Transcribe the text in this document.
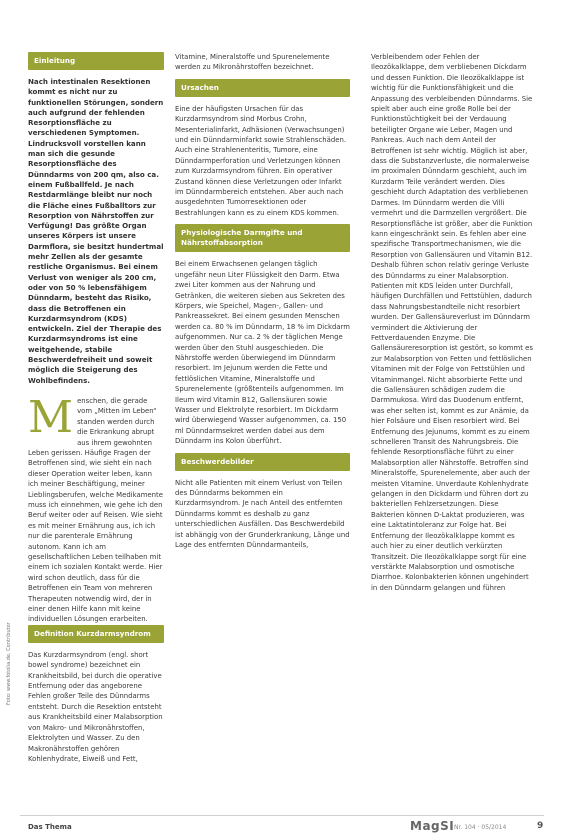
Einleitung

Nach intestinalen Resektionen kommt es nicht nur zu funktionellen Störungen, sondern auch aufgrund der fehlenden Resorptionsfläche zu verschiedenen Symptomen. Lindrucksvoll vorstellen kann man sich die gesunde Resorptionsfläche des Dünndarms von 200 qm, also ca. einem Fußballfeld. Je nach Restdarmlänge bleibt nur noch die Fläche eines Fußballtors zur Resorption von Nährstoffen zur Verfügung! Das größte Organ unseres Körpers ist unsere Darmflora, sie besitzt hundertmal mehr Zellen als der gesamte restliche Organismus. Bei einem Verlust von weniger als 200 cm, oder von 50 % lebensfähigem Dünndarm, besteht das Risiko, dass die Betroffenen ein Kurzdarmsyndrom (KDS) entwickeln. Ziel der Therapie des Kurzdarmsyndroms ist eine weitgehende, stabile Beschwerdefreiheit und soweit möglich die Steigerung des Wohlbefindens.

Menschen, die gerade vom „Mitten im Leben“ standen werden durch die Erkrankung abrupt aus ihrem gewohnten Leben gerissen. Häufige Fragen der Betroffenen sind, wie sieht ein nach dieser Operation weiter leben, kann ich meiner Beschäftigung, meiner Lieblingsberufen, welche Medikamente muss ich einnehmen, wie gehe ich den Beruf weiter oder auf Reisen. Wie sieht es mit meiner Ernährung aus, ich ich nur die parenterale Ernährung autonom. Kann ich am gesellschaftlichen Leben teilhaben mit einem ich sozialen Kontakt werde. Hier wird schon deutlich, dass für die Betroffenen ein Team von mehreren Therapeuten notwendig wird, der in einer denen Hilfe kann mit keine individuellen Lösungen erarbeiten.

Definition Kurzdarmsyndrom

Das Kurzdarmsyndrom (engl. short bowel syndrome) bezeichnet ein Krankheitsbild, bei durch die operative Entfernung oder das angeborene Fehlen großer Teile des Dünndarms entsteht. Durch die Resektion entsteht aus Krankheitsbild einer Malabsorption von Makro- und Mikronährstoffen, Elektrolyten und Wasser. Zu den Makronährstoffen gehören Kohlenhydrate, Eiweiß und Fett,

Vitamine, Mineralstoffe und Spurenelemente werden zu Mikronährstoffen bezeichnet.

Ursachen

Eine der häufigsten Ursachen für das Kurzdarmsyndrom sind Morbus Crohn, Mesenterialinfarkt, Adhäsionen (Verwachsungen) und ein Dünndarminfarkt sowie Strahlenschäden. Auch eine Strahlenenteritis, Tumore, eine Dünndarmperforation und Verletzungen können zum Kurzdarmsyndrom führen. Ein operativer Zustand können diese Verletzungen oder Infarkt im Dünndarmbereich entstehen. Aber auch nach ausgedehnten Tumorresektionen oder Bestrahlungen kann es zu einem KDS kommen.

Physiologische Darmgifte und Nährstoffabsorption

Bei einem Erwachsenen gelangen täglich ungefähr neun Liter Flüssigkeit den Darm. Etwa zwei Liter kommen aus der Nahrung und Getränken, die weiteren sieben aus Sekreten des Körpers, wie Speichel, Magen-, Gallen- und Pankreassekret. Bei einem gesunden Menschen werden ca. 80 % im Dünndarm, 18 % im Dickdarm aufgenommen. Nur ca. 2 % der täglichen Menge werden über den Stuhl ausgeschieden. Die Nährstoffe werden überwiegend im Dünndarm resorbiert. Im Jejunum werden die Fette und fettlöslichen Vitamine, Mineralstoffe und Spurenelemente (größtenteils aufgenommen. Im Ileum wird Vitamin B12, Gallensäuren sowie Wasser und Elektrolyte resorbiert. Im Dickdarm wird überwiegend Wasser aufgenommen, ca. 150 ml Dünndarmsekret werden dabei aus dem Dünndarm ins Kolon überführt.

Beschwerdebilder

Nicht alle Patienten mit einem Verlust von Teilen des Dünndarms bekommen ein Kurzdarmsyndrom. Je nach Anteil des entfernten Dünndarms kommt es deshalb zu ganz unterschiedlichen Ausfällen. Das Beschwerdebild ist abhängig von der Grunderkrankung, Länge und Lage des entfernten Dünndarmanteils,

Verbleibendem oder Fehlen der Ileozökalklappe, dem verbliebenen Dickdarm und dessen Funktion. Die Ileozökalklappe ist wichtig für die Funktionsfähigkeit und die Anpassung des verbleibenden Dünndarms. Sie spielt aber auch eine große Rolle bei der Funktionstüchtigkeit bei der Verdauung beteiligter Organe wie Leber, Magen und Pankreas. Auch nach dem Anteil der Betroffenen ist sehr wichtig. Möglich ist aber, dass die Substanzverluste, die normalerweise im proximalen Dünndarm geschieht, auch im Kurzdarm Teile verändert werden. Dies geschieht durch Adaptation des verbliebenen Darmes. Im Dünndarm werden die Villi vermehrt und die Darmzellen vergrößert. Die Resorptionsfläche ist größer, aber die Funktion kann eingeschränkt sein. Es fehlen aber eine spezifische Transportmechanismen, wie die Resorption von Gallensäuren und Vitamin B12. Deshalb führen schon relativ geringe Verluste des Dünndarms zu einer Malabsorption. Patienten mit KDS leiden unter Durchfall, häufigen Durchfällen und Fettstühlen, dadurch dass Nahrungsbestandteile nicht resorbiert wurden. Der Gallensäureverlust im Dünndarm vermindert die Aktivierung der Fettverdauenden Enzyme. Die Gallensäureresorption ist gestört, so kommt es zur Malabsorption von Fetten und fettlöslichen Vitaminen mit der Folge von Fettstühlen und Vitaminmangel. Nicht absorbierte Fette und die Gallensäuren schädigen zudem die Darmmukosa. Wird das Duodenum entfernt, was eher selten ist, kommt es zur Anämie, da hier Folsäure und Eisen resorbiert wird. Bei Entfernung des Jejunums, kommt es zu einem schnelleren Transit des Nahrungsbreis. Die fehlende Resorptionsfläche führt zu einer Malabsorption aller Nährstoffe. Betroffen sind Mineralstoffe, Spurenelemente, aber auch der meisten Vitamine. Unverdaute Kohlenhydrate gelangen in den Dickdarm und führen dort zu bakteriellen Fehlzersetzungen. Diese Bakterien können D-Laktat produzieren, was eine Laktatintoleranz zur Folge hat. Bei Entfernung der Ileozökalklappe kommt es auch hier zu einer deutlich verkürzten Transitzeit. Die Ileozökalklappe sorgt für eine verstärkte Malabsorption und osmotische Diarrhoe. Kolonbakterien können ungehindert in den Dünndarm gelangen und führen

Foto: www.fotolia.de, Contributor
Das Thema	MagSI Nr. 104 · 05/2014	9
